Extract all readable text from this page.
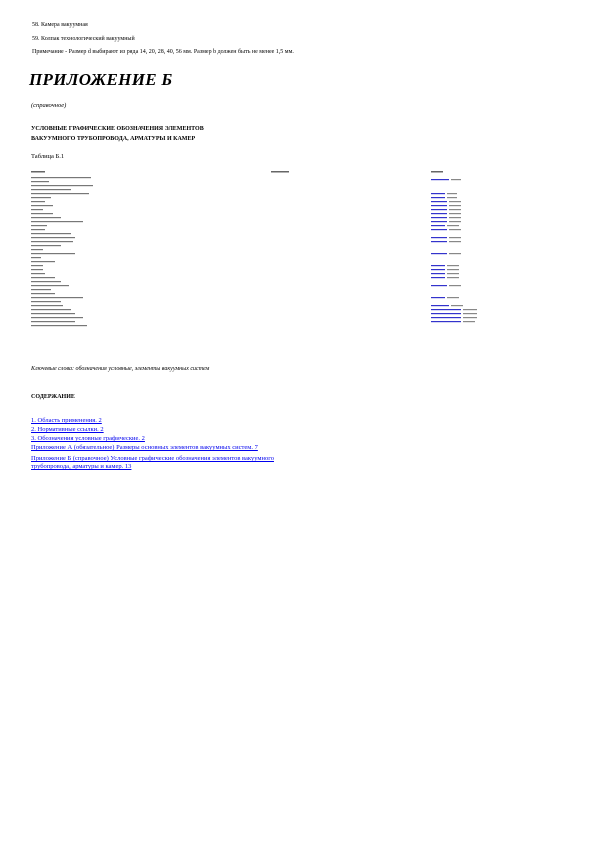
58. Камера вакуумная
59. Колпак технологический вакуумный
Примечание - Размер d выбирают из ряда 14, 20, 28, 40, 56 мм. Размер b должен быть не менее 1,5 мм.
ПРИЛОЖЕНИЕ Б
(справочное)
УСЛОВНЫЕ ГРАФИЧЕСКИЕ ОБОЗНАЧЕНИЯ ЭЛЕМЕНТОВ
ВАКУУМНОГО ТРУБОПРОВОДА, АРМАТУРЫ И КАМЕР
Таблица Б.1
Ключевые слова: обозначения условные, элементы вакуумных систем
СОДЕРЖАНИЕ
1. Область применения. 2
2. Нормативные ссылки. 2
3. Обозначения условные графические. 2
Приложение А (обязательное) Размеры основных элементов вакуумных систем. 7
Приложение Б (справочное) Условные графические обозначения элементов вакуумного трубопровода, арматуры и камер. 13
